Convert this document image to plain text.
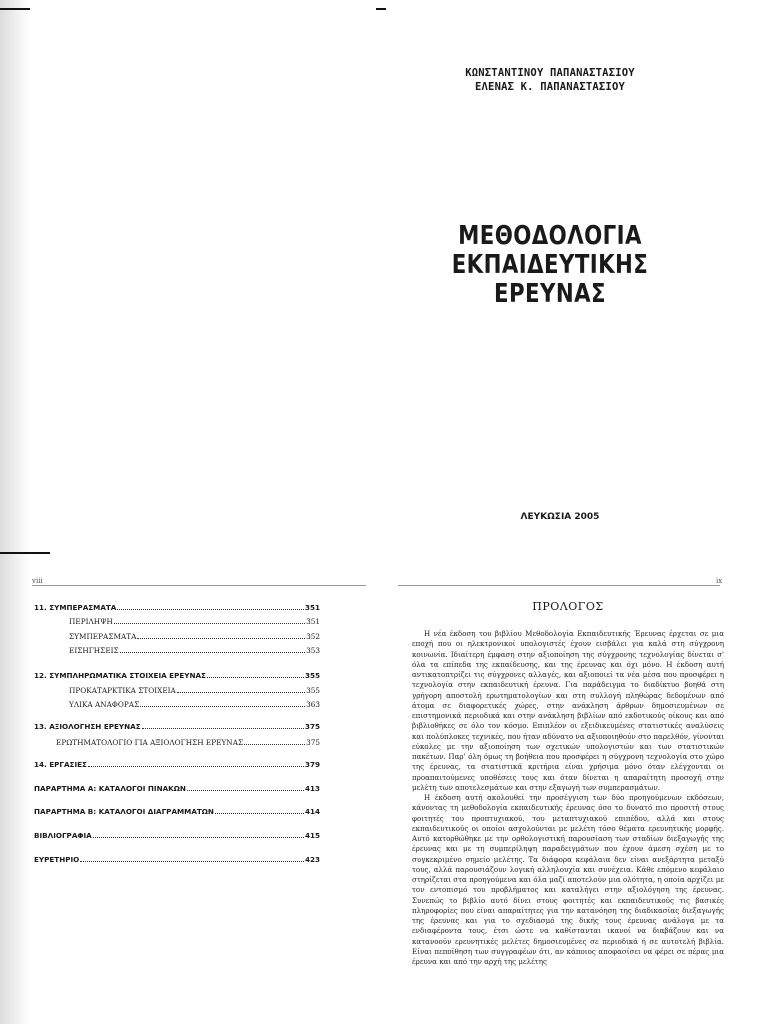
ΚΩΝΣΤΑΝΤΙΝΟΥ ΠΑΠΑΝΑΣΤΑΣΙΟΥ
ΕΛΕΝΑΣ Κ. ΠΑΠΑΝΑΣΤΑΣΙΟΥ
ΜΕΘΟΔΟΛΟΓΙΑ
ΕΚΠΑΙΔΕΥΤΙΚΗΣ
ΕΡΕΥΝΑΣ
ΛΕΥΚΩΣΙΑ 2005
viii	ix
11. ΣΥΜΠΕΡΑΣΜΑΤΑ	351
ΠΕΡΙΛΗΨΗ	351
ΣΥΜΠΕΡΑΣΜΑΤΑ	352
ΕΙΣΗΓΗΣΕΙΣ	353
12. ΣΥΜΠΛΗΡΩΜΑΤΙΚΑ ΣΤΟΙΧΕΙΑ ΕΡΕΥΝΑΣ	355
ΠΡΟΚΑΤΑΡΚΤΙΚΑ ΣΤΟΙΧΕΙΑ	355
ΥΛΙΚΑ ΑΝΑΦΟΡΑΣ	363
13. ΑΞΙΟΛΟΓΗΣΗ ΕΡΕΥΝΑΣ	375
ΕΡΩΤΗΜΑΤΟΛΟΓΙΟ ΓΙΑ ΑΞΙΟΛΟΓΗΣΗ ΕΡΕΥΝΑΣ	375
14. ΕΡΓΑΣΙΕΣ	379
ΠΑΡΑΡΤΗΜΑ Α: ΚΑΤΑΛΟΓΟΙ ΠΙΝΑΚΩΝ	413
ΠΑΡΑΡΤΗΜΑ Β: ΚΑΤΑΛΟΓΟΙ ΔΙΑΓΡΑΜΜΑΤΩΝ	414
ΒΙΒΛΙΟΓΡΑΦΙΑ	415
ΕΥΡΕΤΗΡΙΟ	423
ΠΡΟΛΟΓΟΣ

Η νέα έκδοση του βιβλίου Μεθοδολογία Εκπαιδευτικής Έρευνας έρχεται σε μια εποχή που οι ηλεκτρονικοί υπολογιστές έχουν εισβάλει για καλά στη σύγχρονη κοινωνία. Ιδιαίτερη έμφαση στην αξιοποίηση της σύγχρονης τεχνολογίας δίνεται σ' όλα τα επίπεδα της εκπαίδευσης, και της έρευνας και όχι μόνο. Η έκδοση αυτή αντικατοπτρίζει τις σύγχρονες αλλαγές, και αξιοποιεί τα νέα μέσα που προσφέρει η τεχνολογία στην εκπαιδευτική έρευνα. Για παράδειγμα το διαδίκτυο βοηθά στη γρήγορη αποστολή ερωτηματολογίων και στη συλλογή πληθώρας δεδομένων από άτομα σε διαφορετικές χώρες, στην ανάκληση άρθρων δημοσιευμένων σε επιστημονικά περιοδικά και στην ανάκληση βιβλίων από εκδοτικούς οίκους και από βιβλιοθήκες σε όλο τον κόσμο. Επιπλέον οι εξειδικευμένες στατιστικές αναλύσεις και πολύπλοκες τεχνικές, που ήταν αδύνατο να αξιοποιηθούν στο παρελθόν, γίνονται εύκολες με την αξιοποίηση των σχετικών υπολογιστών και των στατιστικών πακέτων. Παρ' όλη όμως τη βοήθεια που προσφέρει η σύγχρονη τεχνολογία στο χώρο της έρευνας, τα στατιστικά κριτήρια είναι χρήσιμα μόνο όταν ελέγχονται οι προαπαιτούμενες υποθέσεις τους και όταν δίνεται η απαραίτητη προσοχή στην μελέτη των αποτελεσμάτων και στην εξαγωγή των συμπερασμάτων.

Η έκδοση αυτή ακολουθεί την προσέγγιση των δύο προηγούμενων εκδόσεων, κάνοντας τη μεθοδολογία εκπαιδευτικής έρευνας όσο το δυνατό πιο προσιτή στους φοιτητές του προπτυχιακού, του μεταπτυχιακού επιπέδου, αλλά και στους εκπαιδευτικούς οι οποίοι ασχολούνται με μελέτη τόσο θέματα ερευνητικής μορφής. Αυτό κατορθώθηκε με την ορθολογιστική παρουσίαση των σταδίων διεξαγωγής της έρευνας και με τη συμπερίληψη παραδειγμάτων που έχουν άμεση σχέση με το συγκεκριμένο σημείο μελέτης. Τα διάφορα κεφάλαια δεν είναι ανεξάρτητα μεταξύ τους, αλλά παρουσιάζουν λογική αλληλουχία και συνέχεια. Κάθε επόμενο κεφάλαιο στηρίζεται στα προηγούμενα και όλα μαζί αποτελούν μια ολότητα, η οποία αρχίζει με τον εντοπισμό του προβλήματος και καταλήγει στην αξιολόγηση της έρευνας. Συνεπώς το βιβλίο αυτό δίνει στους φοιτητές και εκπαιδευτικούς τις βασικές πληροφορίες που είναι απαραίτητες για την κατανόηση της διαδικασίας διεξαγωγής της έρευνας και για το σχεδιασμό της δικής τους έρευνας ανάλογα με τα ενδιαφέροντα τους, έτσι ώστε να καθίστανται ικανοί να διαβάζουν και να κατανοούν ερευνητικές μελέτες δημοσιευμένες σε περιοδικά ή σε αυτοτελή βιβλία. Είναι πεποίθηση των συγγραφέων ότι, αν κάποιος αποφασίσει να φέρει σε πέρας μια έρευνα και από την αρχή της μελέτης
